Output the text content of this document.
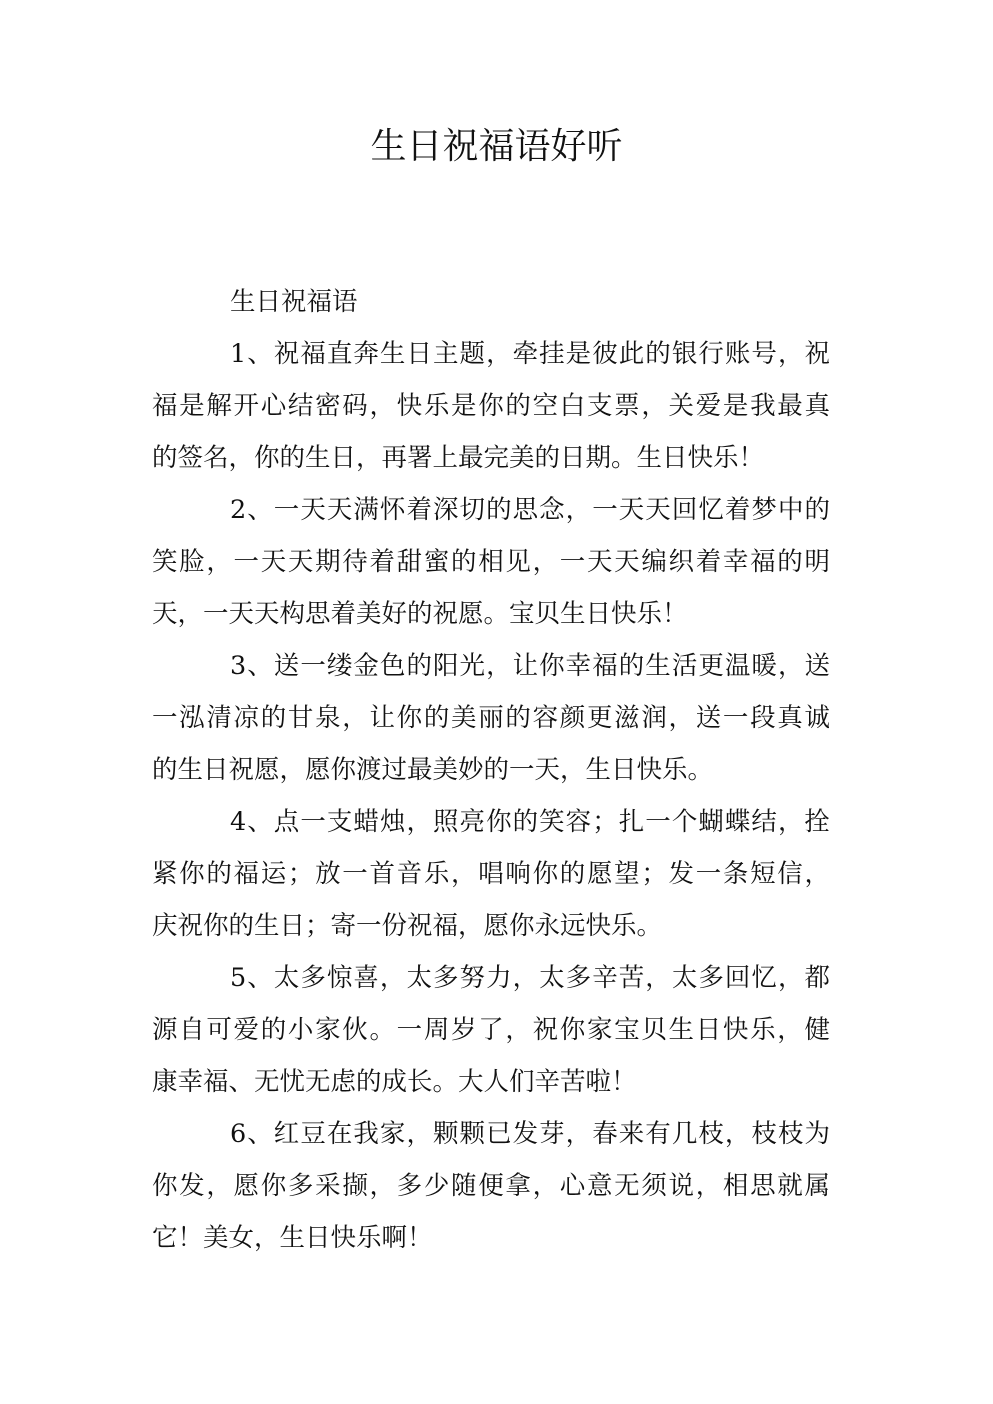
生日祝福语好听
生日祝福语
1、祝福直奔生日主题，牵挂是彼此的银行账号，祝
福是解开心结密码，快乐是你的空白支票，关爱是我最真
的签名，你的生日，再署上最完美的日期。生日快乐！
2、一天天满怀着深切的思念，一天天回忆着梦中的
笑脸，一天天期待着甜蜜的相见，一天天编织着幸福的明
天，一天天构思着美好的祝愿。宝贝生日快乐！
3、送一缕金色的阳光，让你幸福的生活更温暖，送
一泓清凉的甘泉，让你的美丽的容颜更滋润，送一段真诚
的生日祝愿，愿你渡过最美妙的一天，生日快乐。
4、点一支蜡烛，照亮你的笑容；扎一个蝴蝶结，拴
紧你的福运；放一首音乐，唱响你的愿望；发一条短信，
庆祝你的生日；寄一份祝福，愿你永远快乐。
5、太多惊喜，太多努力，太多辛苦，太多回忆，都
源自可爱的小家伙。一周岁了，祝你家宝贝生日快乐，健
康幸福、无忧无虑的成长。大人们辛苦啦！
6、红豆在我家，颗颗已发芽，春来有几枝，枝枝为
你发，愿你多采撷，多少随便拿，心意无须说，相思就属
它！美女，生日快乐啊！
